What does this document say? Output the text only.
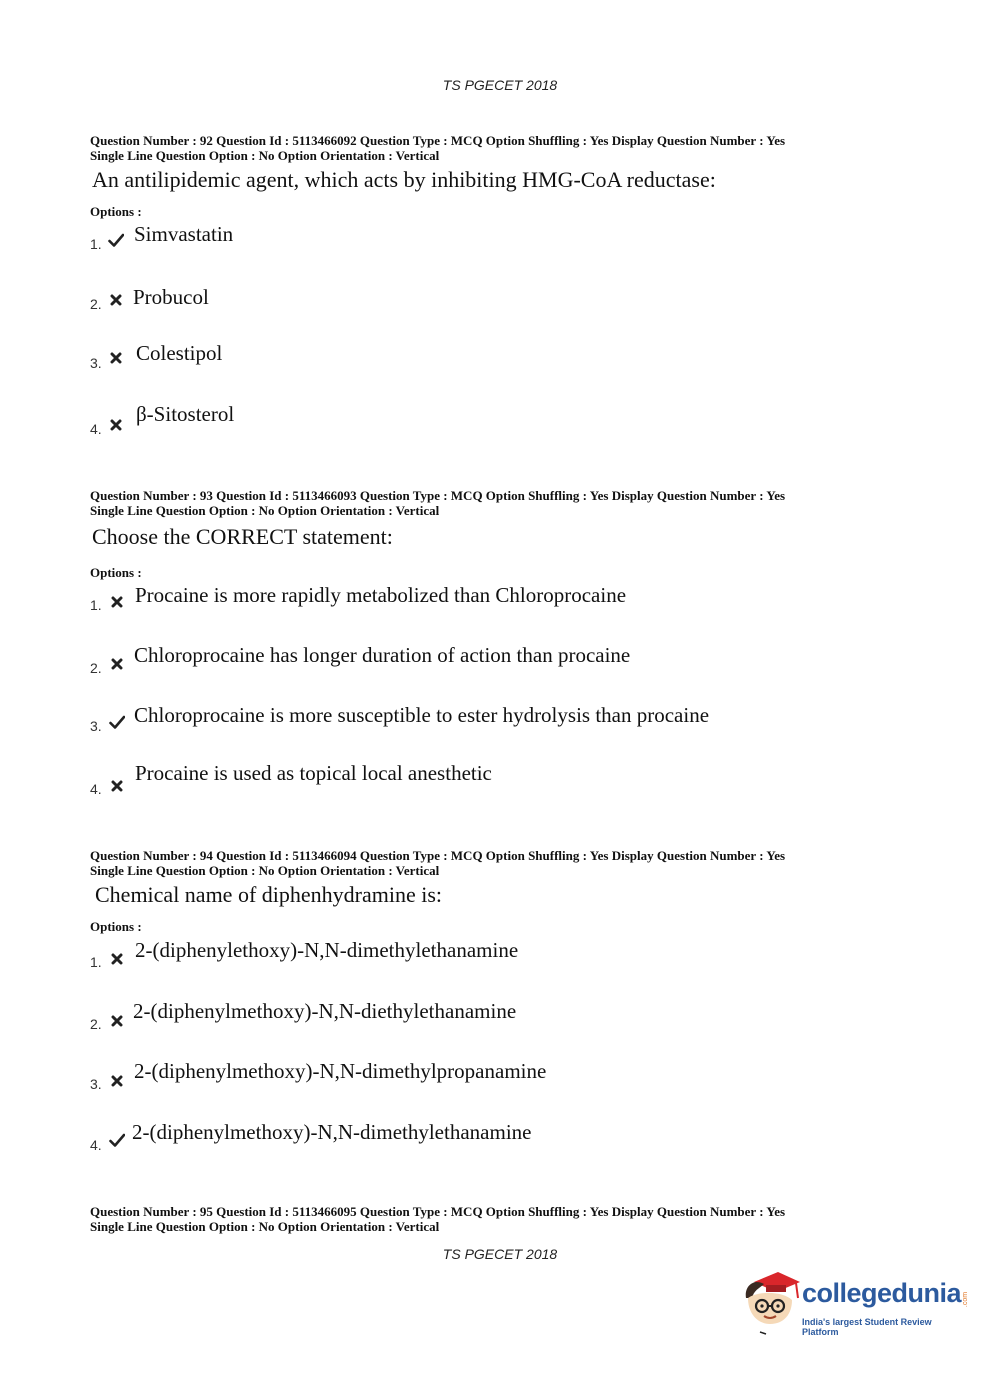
TS PGECET 2018
Question Number : 92 Question Id : 5113466092 Question Type : MCQ Option Shuffling : Yes Display Question Number : Yes
Single Line Question Option : No Option Orientation : Vertical
An antilipidemic agent, which acts by inhibiting HMG-CoA reductase:
Options :
1. Simvastatin
2. Probucol
3. Colestipol
4.
β-Sitosterol
Question Number : 93 Question Id : 5113466093 Question Type : MCQ Option Shuffling : Yes Display Question Number : Yes
Single Line Question Option : No Option Orientation : Vertical
Choose the CORRECT statement:
Options :
1. Procaine is more rapidly metabolized than Chloroprocaine
2.
Chloroprocaine has longer duration of action than procaine
3. Chloroprocaine is more susceptible to ester hydrolysis than procaine
4.
Procaine is used as topical local anesthetic
Question Number : 94 Question Id : 5113466094 Question Type : MCQ Option Shuffling : Yes Display Question Number : Yes
Single Line Question Option : No Option Orientation : Vertical
Chemical name of diphenhydramine is:
Options :
1. 2-(diphenylethoxy)-N,N-dimethylethanamine
2.
2-(diphenylmethoxy)-N,N-diethylethanamine
3.
2-(diphenylmethoxy)-N,N-dimethylpropanamine
4.
2-(diphenylmethoxy)-N,N-dimethylethanamine
Question Number : 95 Question Id : 5113466095 Question Type : MCQ Option Shuffling : Yes Display Question Number : Yes
Single Line Question Option : No Option Orientation : Vertical
TS PGECET 2018
collegedunia .com
India's largest Student Review Platform
